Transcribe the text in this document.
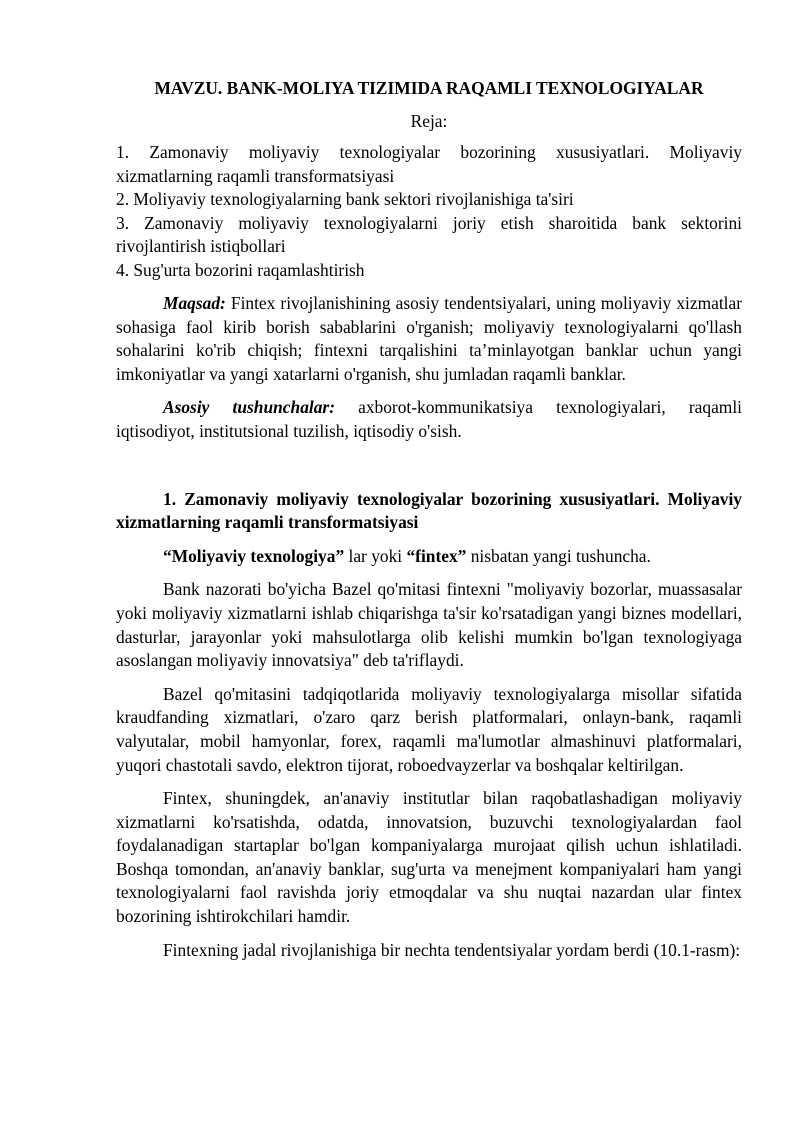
MAVZU. BANK-MOLIYA TIZIMIDA RAQAMLI TEXNOLOGIYALAR
Reja:
1. Zamonaviy moliyaviy texnologiyalar bozorining xususiyatlari. Moliyaviy xizmatlarning raqamli transformatsiyasi
2. Moliyaviy texnologiyalarning bank sektori rivojlanishiga ta'siri
3. Zamonaviy moliyaviy texnologiyalarni joriy etish sharoitida bank sektorini rivojlantirish istiqbollari
4. Sug'urta bozorini raqamlashtirish

Maqsad: Fintex rivojlanishining asosiy tendentsiyalari, uning moliyaviy xizmatlar sohasiga faol kirib borish sabablarini o'rganish; moliyaviy texnologiyalarni qo'llash sohalarini ko'rib chiqish; fintexni tarqalishini ta’minlayotgan banklar uchun yangi imkoniyatlar va yangi xatarlarni o'rganish, shu jumladan raqamli banklar.

Asosiy tushunchalar: axborot-kommunikatsiya texnologiyalari, raqamli iqtisodiyot, institutsional tuzilish, iqtisodiy o'sish.

1. Zamonaviy moliyaviy texnologiyalar bozorining xususiyatlari. Moliyaviy xizmatlarning raqamli transformatsiyasi

“Moliyaviy texnologiya” lar yoki “fintex” nisbatan yangi tushuncha.

Bank nazorati bo'yicha Bazel qo'mitasi fintexni "moliyaviy bozorlar, muassasalar yoki moliyaviy xizmatlarni ishlab chiqarishga ta'sir ko'rsatadigan yangi biznes modellari, dasturlar, jarayonlar yoki mahsulotlarga olib kelishi mumkin bo'lgan texnologiyaga asoslangan moliyaviy innovatsiya" deb ta'riflaydi.

Bazel qo'mitasini tadqiqotlarida moliyaviy texnologiyalarga misollar sifatida kraudfanding xizmatlari, o'zaro qarz berish platformalari, onlayn-bank, raqamli valyutalar, mobil hamyonlar, forex, raqamli ma'lumotlar almashinuvi platformalari, yuqori chastotali savdo, elektron tijorat, roboedvayzerlar va boshqalar keltirilgan.

Fintex, shuningdek, an'anaviy institutlar bilan raqobatlashadigan moliyaviy xizmatlarni ko'rsatishda, odatda, innovatsion, buzuvchi texnologiyalardan faol foydalanadigan startaplar bo'lgan kompaniyalarga murojaat qilish uchun ishlatiladi. Boshqa tomondan, an'anaviy banklar, sug'urta va menejment kompaniyalari ham yangi texnologiyalarni faol ravishda joriy etmoqdalar va shu nuqtai nazardan ular fintex bozorining ishtirokchilari hamdir.

Fintexning jadal rivojlanishiga bir nechta tendentsiyalar yordam berdi (10.1-rasm):
